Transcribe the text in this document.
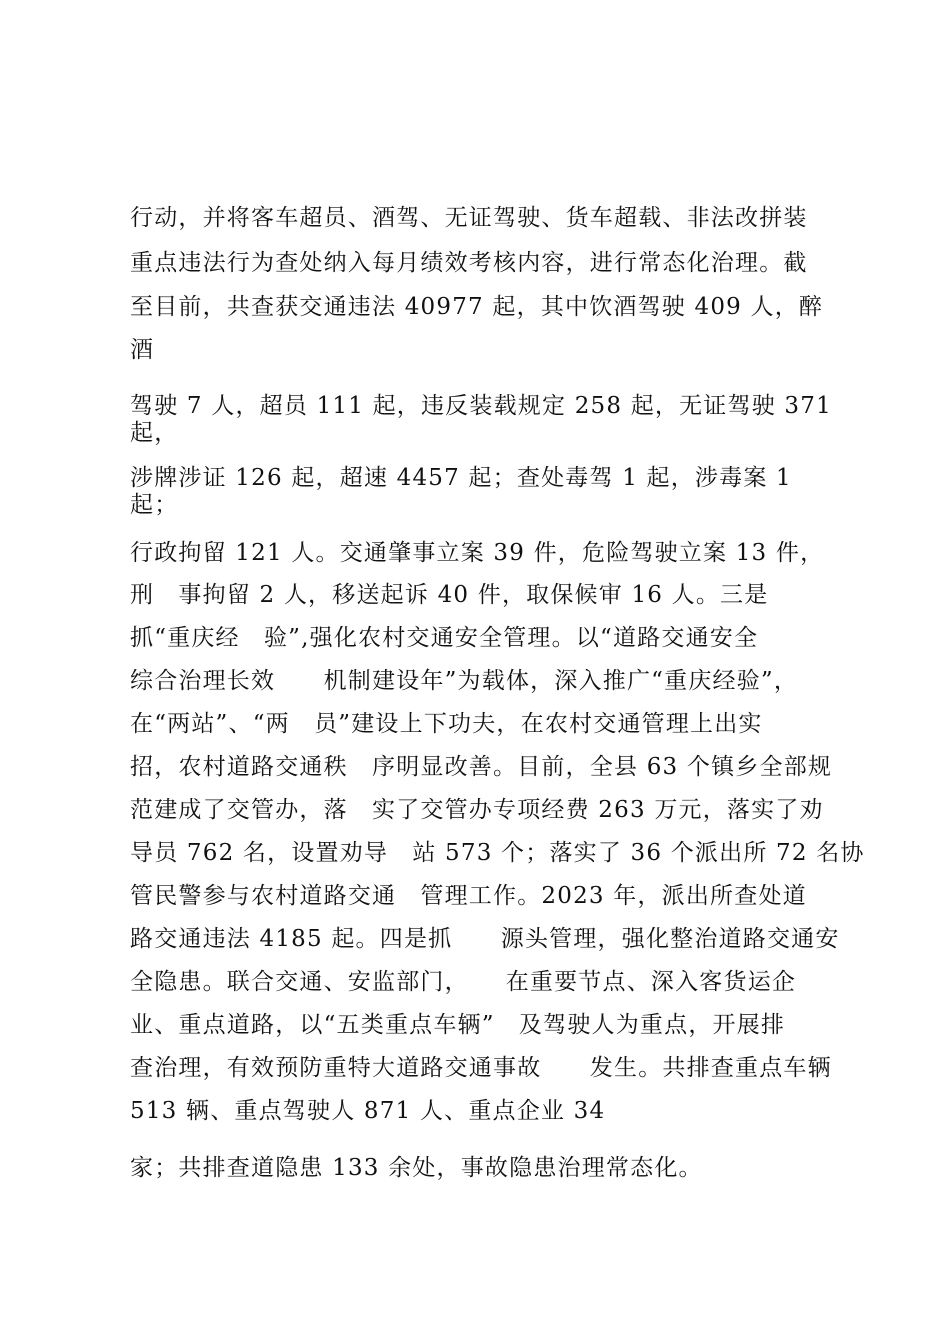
行动，并将客车超员、酒驾、无证驾驶、货车超载、非法改拼装

重点违法行为查处纳入每月绩效考核内容，进行常态化治理。截

至目前，共查获交通违法 40977 起，其中饮酒驾驶 409 人，醉

酒

驾驶 7 人，超员 111 起，违反装载规定 258 起，无证驾驶 371

起，

涉牌涉证 126 起，超速 4457 起；查处毒驾 1 起，涉毒案 1

起；

行政拘留 121 人。交通肇事立案 39 件，危险驾驶立案 13 件，

刑　事拘留 2 人，移送起诉 40 件，取保候审 16 人。三是

抓“重庆经　验”,强化农村交通安全管理。以“道路交通安全

综合治理长效　　机制建设年”为载体，深入推广“重庆经验”，

在“两站”、“两　员”建设上下功夫，在农村交通管理上出实

招，农村道路交通秩　序明显改善。目前，全县 63 个镇乡全部规

范建成了交管办，落　实了交管办专项经费 263 万元，落实了劝

导员 762 名，设置劝导　站 573 个；落实了 36 个派出所 72 名协

管民警参与农村道路交通　管理工作。2023 年，派出所查处道

路交通违法 4185 起。四是抓　　源头管理，强化整治道路交通安

全隐患。联合交通、安监部门，　　在重要节点、深入客货运企

业、重点道路，以“五类重点车辆”　及驾驶人为重点，开展排

查治理，有效预防重特大道路交通事故　　发生。共排查重点车辆

513 辆、重点驾驶人 871 人、重点企业 34

家；共排查道隐患 133 余处，事故隐患治理常态化。
